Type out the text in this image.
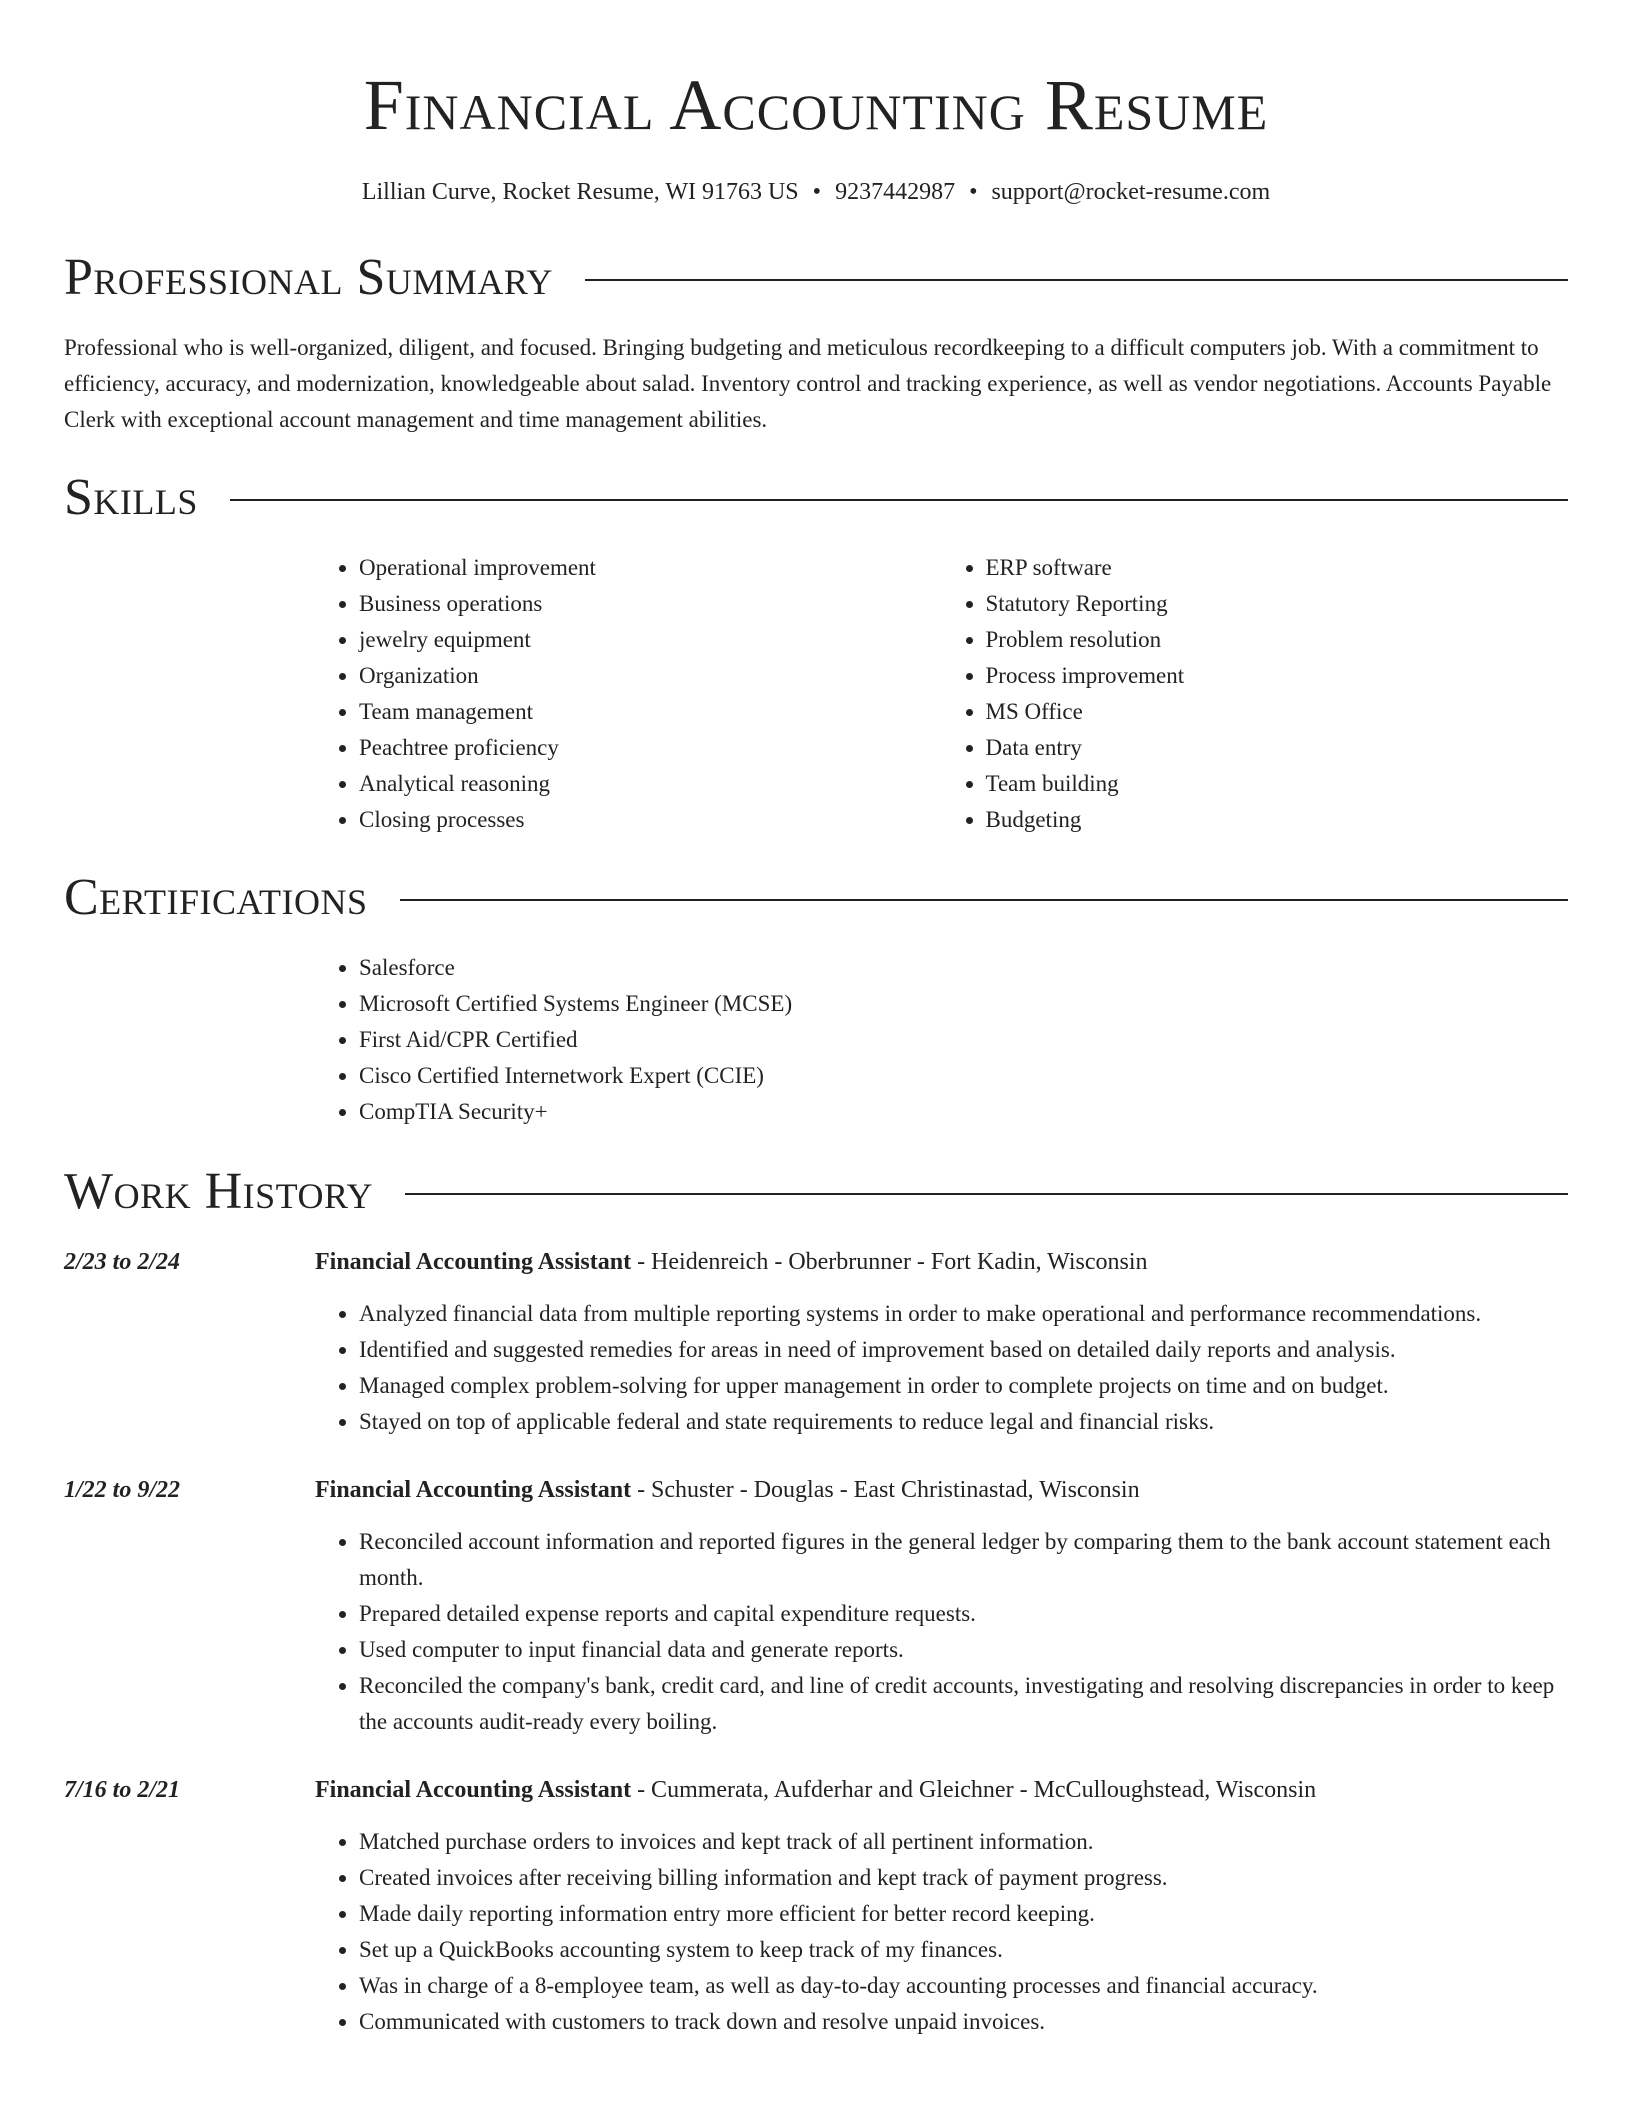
Financial Accounting Resume
Lillian Curve, Rocket Resume, WI 91763 US • 9237442987 • support@rocket-resume.com
Professional Summary

Professional who is well-organized, diligent, and focused. Bringing budgeting and meticulous recordkeeping to a difficult computers job. With a commitment to efficiency, accuracy, and modernization, knowledgeable about salad. Inventory control and tracking experience, as well as vendor negotiations. Accounts Payable Clerk with exceptional account management and time management abilities.

Skills
• Operational improvement
• Business operations
• jewelry equipment
• Organization
• Team management
• Peachtree proficiency
• Analytical reasoning
• Closing processes
• ERP software
• Statutory Reporting
• Problem resolution
• Process improvement
• MS Office
• Data entry
• Team building
• Budgeting
Certifications
• Salesforce
• Microsoft Certified Systems Engineer (MCSE)
• First Aid/CPR Certified
• Cisco Certified Internetwork Expert (CCIE)
• CompTIA Security+
Work History
2/23 to 2/24	Financial Accounting Assistant - Heidenreich - Oberbrunner - Fort Kadin, Wisconsin
• Analyzed financial data from multiple reporting systems in order to make operational and performance recommendations.
• Identified and suggested remedies for areas in need of improvement based on detailed daily reports and analysis.
• Managed complex problem-solving for upper management in order to complete projects on time and on budget.
• Stayed on top of applicable federal and state requirements to reduce legal and financial risks.
1/22 to 9/22	Financial Accounting Assistant - Schuster - Douglas - East Christinastad, Wisconsin
• Reconciled account information and reported figures in the general ledger by comparing them to the bank account statement each month.
• Prepared detailed expense reports and capital expenditure requests.
• Used computer to input financial data and generate reports.
• Reconciled the company's bank, credit card, and line of credit accounts, investigating and resolving discrepancies in order to keep the accounts audit-ready every boiling.
7/16 to 2/21	Financial Accounting Assistant - Cummerata, Aufderhar and Gleichner - McCulloughstead, Wisconsin
• Matched purchase orders to invoices and kept track of all pertinent information.
• Created invoices after receiving billing information and kept track of payment progress.
• Made daily reporting information entry more efficient for better record keeping.
• Set up a QuickBooks accounting system to keep track of my finances.
• Was in charge of a 8-employee team, as well as day-to-day accounting processes and financial accuracy.
• Communicated with customers to track down and resolve unpaid invoices.
